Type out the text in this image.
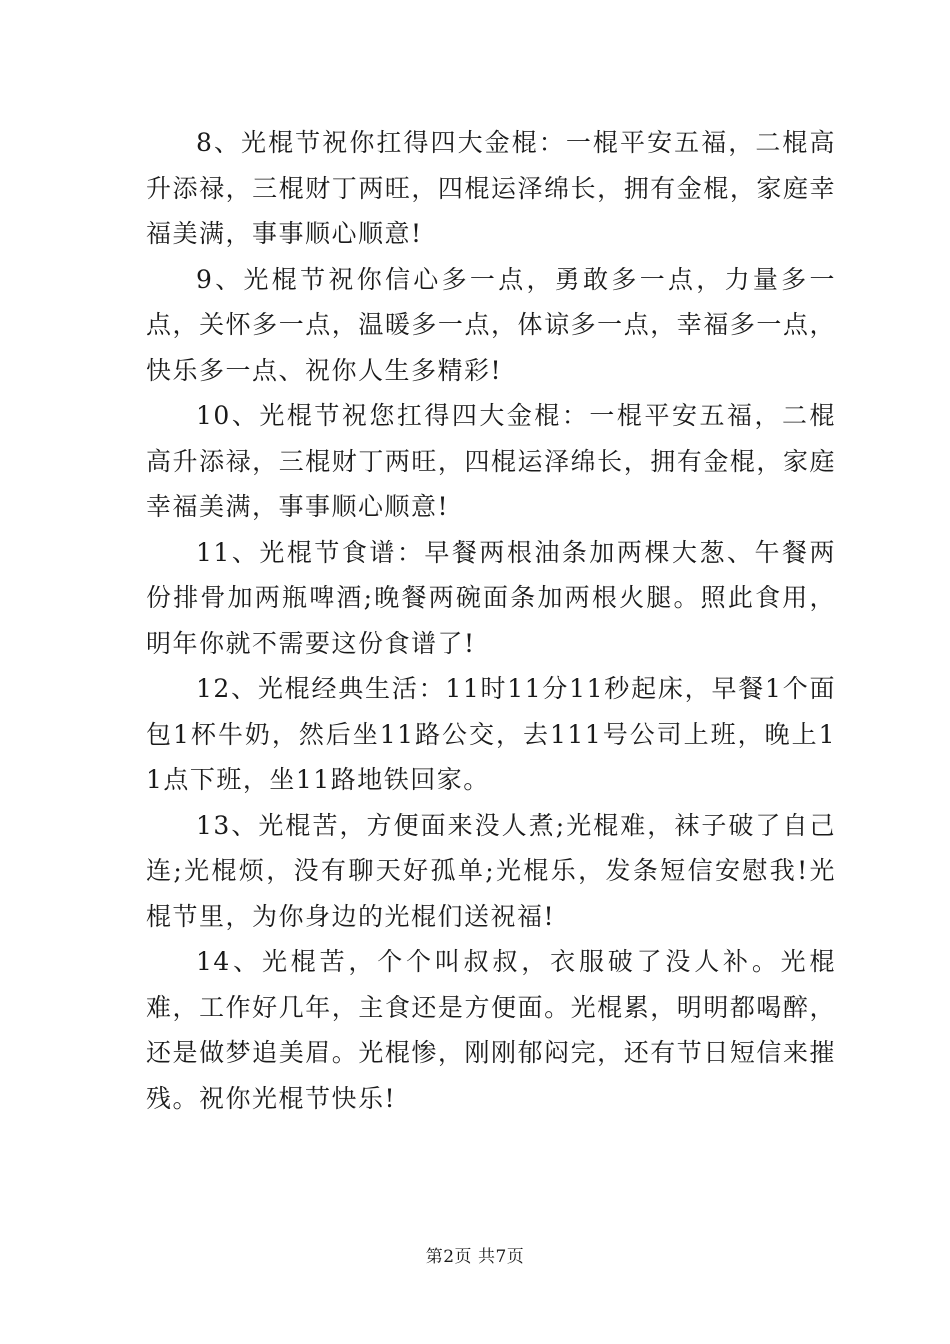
8、光棍节祝你扛得四大金棍：一棍平安五福，二棍高升添禄，三棍财丁两旺，四棍运泽绵长，拥有金棍，家庭幸福美满，事事顺心顺意!

9、光棍节祝你信心多一点，勇敢多一点，力量多一点，关怀多一点，温暖多一点，体谅多一点，幸福多一点，快乐多一点、祝你人生多精彩!

10、光棍节祝您扛得四大金棍：一棍平安五福，二棍高升添禄，三棍财丁两旺，四棍运泽绵长，拥有金棍，家庭幸福美满，事事顺心顺意!

11、光棍节食谱：早餐两根油条加两棵大葱、午餐两份排骨加两瓶啤酒;晚餐两碗面条加两根火腿。照此食用，明年你就不需要这份食谱了!

12、光棍经典生活：11时11分11秒起床，早餐1个面包1杯牛奶，然后坐11路公交，去111号公司上班，晚上11点下班，坐11路地铁回家。

13、光棍苦，方便面来没人煮;光棍难，袜子破了自己连;光棍烦，没有聊天好孤单;光棍乐，发条短信安慰我!光棍节里，为你身边的光棍们送祝福!

14、光棍苦，个个叫叔叔，衣服破了没人补。光棍难，工作好几年，主食还是方便面。光棍累，明明都喝醉，还是做梦追美眉。光棍惨，刚刚郁闷完，还有节日短信来摧残。祝你光棍节快乐!

第2页 共7页
